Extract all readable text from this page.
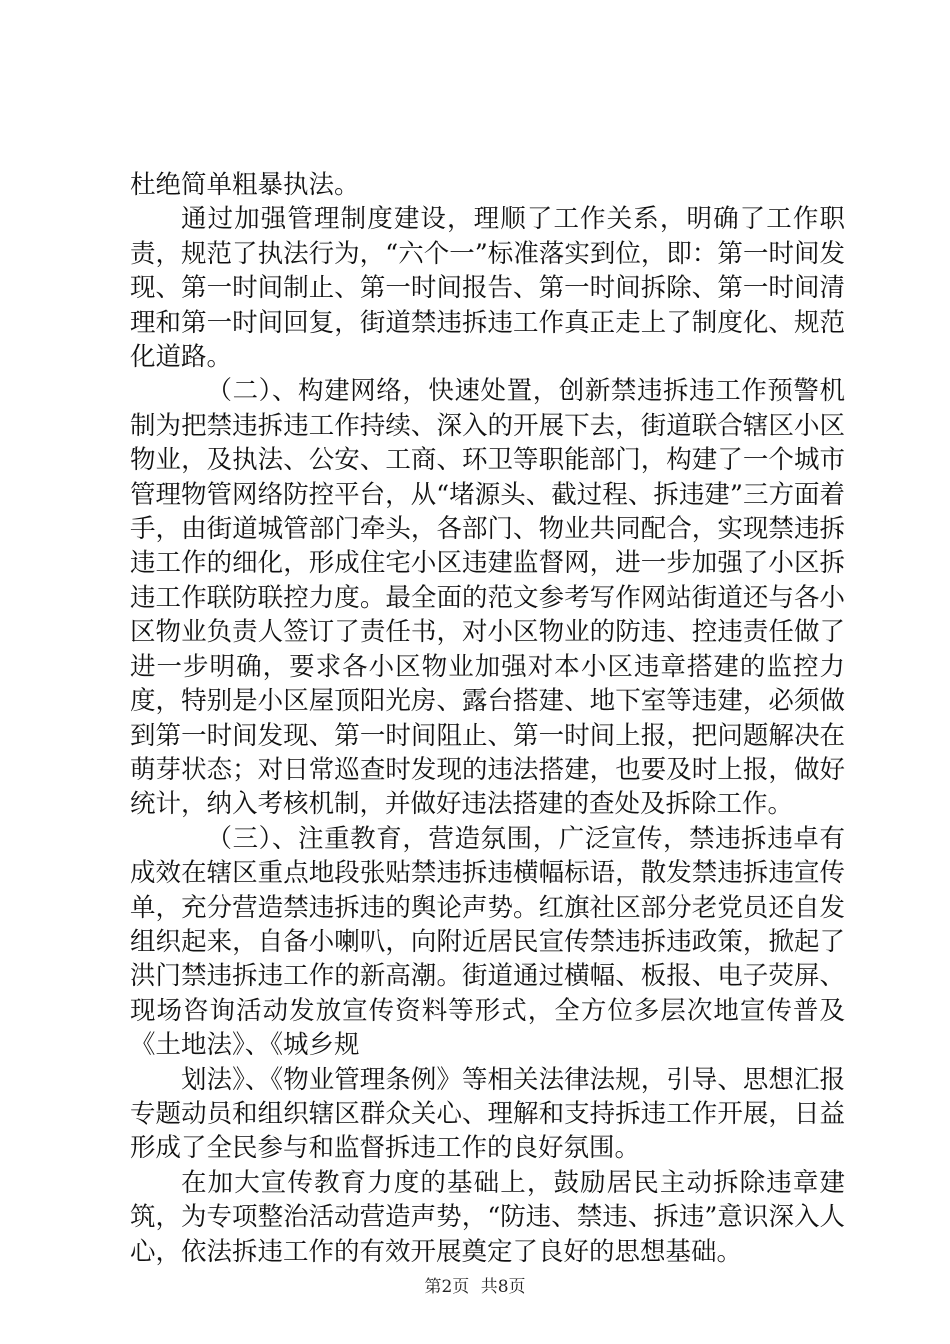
杜绝简单粗暴执法。

通过加强管理制度建设，理顺了工作关系，明确了工作职责，规范了执法行为，“六个一”标准落实到位，即：第一时间发现、第一时间制止、第一时间报告、第一时间拆除、第一时间清理和第一时间回复，街道禁违拆违工作真正走上了制度化、规范化道路。

（二）、构建网络，快速处置，创新禁违拆违工作预警机制为把禁违拆违工作持续、深入的开展下去，街道联合辖区小区物业，及执法、公安、工商、环卫等职能部门，构建了一个城市管理物管网络防控平台，从“堵源头、截过程、拆违建”三方面着手，由街道城管部门牵头，各部门、物业共同配合，实现禁违拆违工作的细化，形成住宅小区违建监督网，进一步加强了小区拆违工作联防联控力度。最全面的范文参考写作网站街道还与各小区物业负责人签订了责任书，对小区物业的防违、控违责任做了进一步明确，要求各小区物业加强对本小区违章搭建的监控力度，特别是小区屋顶阳光房、露台搭建、地下室等违建，必须做到第一时间发现、第一时间阻止、第一时间上报，把问题解决在萌芽状态；对日常巡查时发现的违法搭建，也要及时上报，做好统计，纳入考核机制，并做好违法搭建的查处及拆除工作。

（三）、注重教育，营造氛围，广泛宣传，禁违拆违卓有成效在辖区重点地段张贴禁违拆违横幅标语，散发禁违拆违宣传单，充分营造禁违拆违的舆论声势。红旗社区部分老党员还自发组织起来，自备小喇叭，向附近居民宣传禁违拆违政策，掀起了洪门禁违拆违工作的新高潮。街道通过横幅、板报、电子荧屏、现场咨询活动发放宣传资料等形式，全方位多层次地宣传普及《土地法》、《城乡规

划法》、《物业管理条例》等相关法律法规，引导、思想汇报专题动员和组织辖区群众关心、理解和支持拆违工作开展，日益形成了全民参与和监督拆违工作的良好氛围。

在加大宣传教育力度的基础上，鼓励居民主动拆除违章建筑，为专项整治活动营造声势，“防违、禁违、拆违”意识深入人心，依法拆违工作的有效开展奠定了良好的思想基础。

第2页 共8页
